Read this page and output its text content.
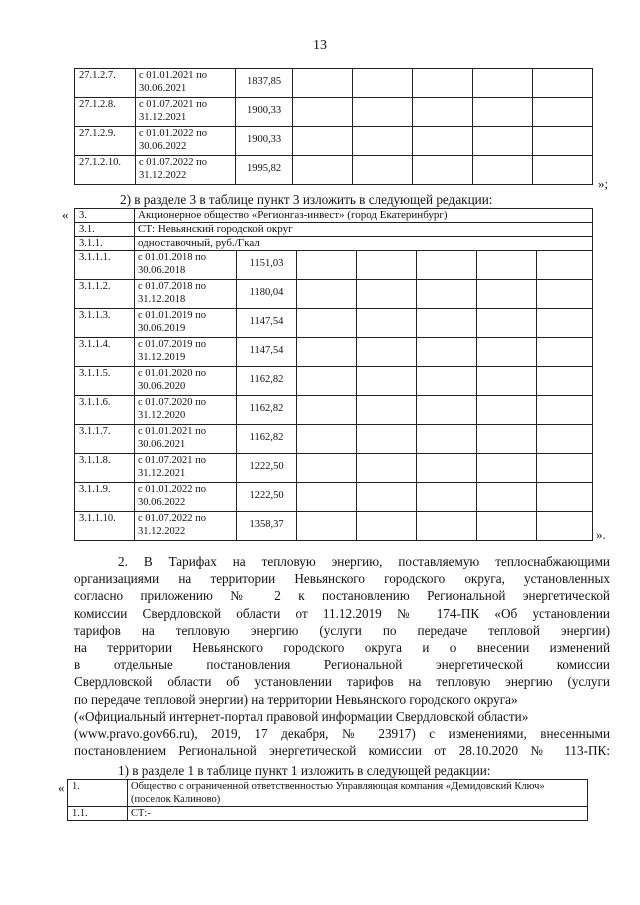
13
27.1.2.7.	с 01.01.2021 по 30.06.2021	1837,85					
27.1.2.8.	с 01.07.2021 по 31.12.2021	1900,33					
27.1.2.9.	с 01.01.2022 по 30.06.2022	1900,33					
27.1.2.10.	с 01.07.2022 по 31.12.2022	1995,82					
»;
2) в разделе 3 в таблице пункт 3 изложить в следующей редакции:
« 3.	Акционерное общество «Регионгаз-инвест» (город Екатеринбург)						
3.1.	СТ: Невьянский городской округ						
3.1.1.	одноставочный, руб./Гкал						
3.1.1.1.	с 01.01.2018 по 30.06.2018	1151,03					
3.1.1.2.	с 01.07.2018 по 31.12.2018	1180,04					
3.1.1.3.	с 01.01.2019 по 30.06.2019	1147,54					
3.1.1.4.	с 01.07.2019 по 31.12.2019	1147,54					
3.1.1.5.	с 01.01.2020 по 30.06.2020	1162,82					
3.1.1.6.	с 01.07.2020 по 31.12.2020	1162,82					
3.1.1.7.	с 01.01.2021 по 30.06.2021	1162,82					
3.1.1.8.	с 01.07.2021 по 31.12.2021	1222,50					
3.1.1.9.	с 01.01.2022 по 30.06.2022	1222,50					
3.1.1.10.	с 01.07.2022 по 31.12.2022	1358,37					
».
2. В Тарифах на тепловую энергию, поставляемую теплоснабжающими
организациями на территории Невьянского городского округа, установленных
согласно приложению № 2 к постановлению Региональной энергетической
комиссии Свердловской области от 11.12.2019 № 174-ПК «Об установлении
тарифов на тепловую энергию (услуги по передаче тепловой энергии)
на территории Невьянского городского округа и о внесении изменений
в отдельные постановления Региональной энергетической комиссии
Свердловской области об установлении тарифов на тепловую энергию (услуги
по передаче тепловой энергии) на территории Невьянского городского округа»
(«Официальный интернет-портал правовой информации Свердловской области»
(www.pravo.gov66.ru), 2019, 17 декабря, № 23917) с изменениями, внесенными
постановлением Региональной энергетической комиссии от 28.10.2020 № 113-ПК:
1) в разделе 1 в таблице пункт 1 изложить в следующей редакции:
« 1.	Общество с ограниченной ответственностью Управляющая компания «Демидовский Ключ» (поселок Калиново)
1.1.	СТ:-
